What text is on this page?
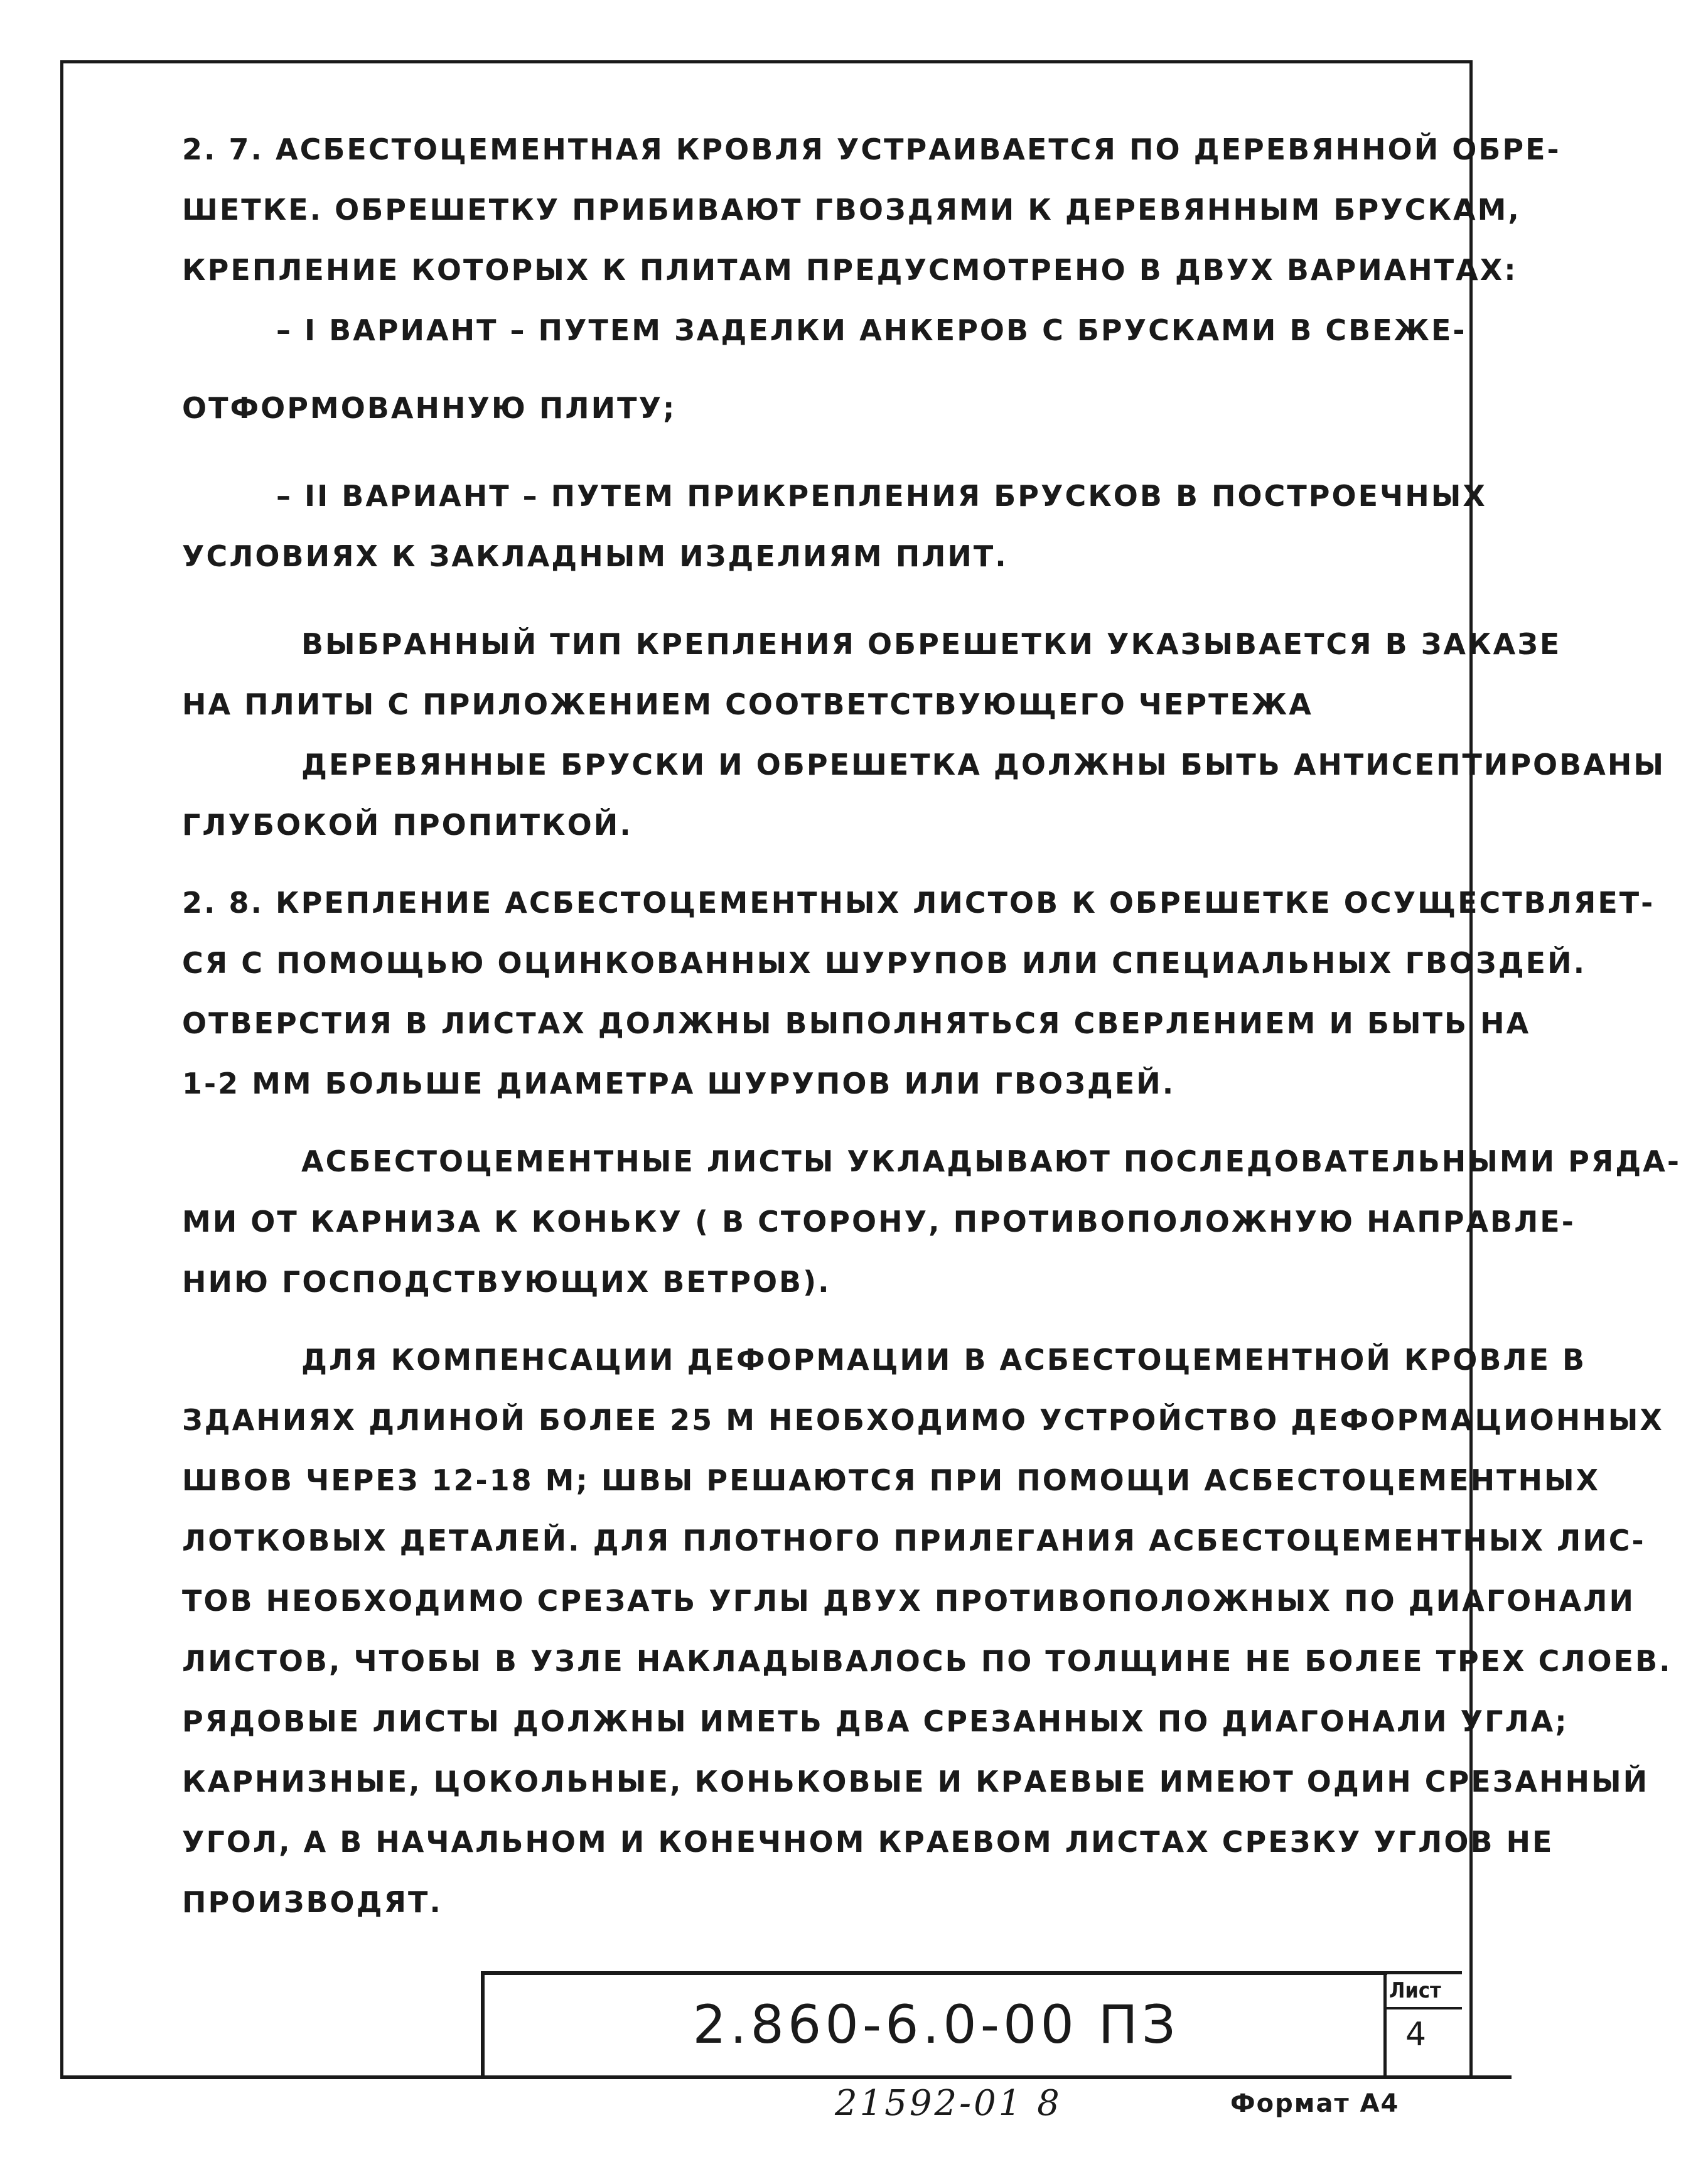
2. 7. АСБЕСТОЦЕМЕНТНАЯ КРОВЛЯ УСТРАИВАЕТСЯ ПО ДЕРЕВЯННОЙ ОБРЕ-
ШЕТКЕ. ОБРЕШЕТКУ ПРИБИВАЮТ ГВОЗДЯМИ К ДЕРЕВЯННЫМ БРУСКАМ,
КРЕПЛЕНИЕ КОТОРЫХ К ПЛИТАМ ПРЕДУСМОТРЕНО В ДВУХ ВАРИАНТАХ:
– I ВАРИАНТ – ПУТЕМ ЗАДЕЛКИ АНКЕРОВ С БРУСКАМИ В СВЕЖЕ-
ОТФОРМОВАННУЮ ПЛИТУ;
– II ВАРИАНТ – ПУТЕМ ПРИКРЕПЛЕНИЯ БРУСКОВ В ПОСТРОЕЧНЫХ
УСЛОВИЯХ К ЗАКЛАДНЫМ ИЗДЕЛИЯМ ПЛИТ.
ВЫБРАННЫЙ ТИП КРЕПЛЕНИЯ ОБРЕШЕТКИ УКАЗЫВАЕТСЯ В ЗАКАЗЕ
НА ПЛИТЫ С ПРИЛОЖЕНИЕМ СООТВЕТСТВУЮЩЕГО ЧЕРТЕЖА
ДЕРЕВЯННЫЕ БРУСКИ И ОБРЕШЕТКА ДОЛЖНЫ БЫТЬ АНТИСЕПТИРОВАНЫ
ГЛУБОКОЙ ПРОПИТКОЙ.
2. 8. КРЕПЛЕНИЕ АСБЕСТОЦЕМЕНТНЫХ ЛИСТОВ К ОБРЕШЕТКЕ ОСУЩЕСТВЛЯЕТ-
СЯ С ПОМОЩЬЮ ОЦИНКОВАННЫХ ШУРУПОВ ИЛИ СПЕЦИАЛЬНЫХ ГВОЗДЕЙ.
ОТВЕРСТИЯ В ЛИСТАХ ДОЛЖНЫ ВЫПОЛНЯТЬСЯ СВЕРЛЕНИЕМ И БЫТЬ НА
1-2 ММ БОЛЬШЕ ДИАМЕТРА ШУРУПОВ ИЛИ ГВОЗДЕЙ.
АСБЕСТОЦЕМЕНТНЫЕ ЛИСТЫ УКЛАДЫВАЮТ ПОСЛЕДОВАТЕЛЬНЫМИ РЯДA-
МИ ОТ КАРНИЗА К КОНЬКУ ( В СТОРОНУ, ПРОТИВОПОЛОЖНУЮ НАПРАВЛЕ-
НИЮ ГОСПОДСТВУЮЩИХ ВЕТРОВ).
ДЛЯ КОМПЕНСАЦИИ ДЕФОРМАЦИИ В АСБЕСТОЦЕМЕНТНОЙ КРОВЛЕ В
ЗДАНИЯХ ДЛИНОЙ БОЛЕЕ 25 М НЕОБХОДИМО УСТРОЙСТВО ДЕФОРМАЦИОННЫХ
ШВОВ ЧЕРЕЗ 12-18 М; ШВЫ РЕШАЮТСЯ ПРИ ПОМОЩИ АСБЕСТОЦЕМЕНТНЫХ
ЛОТКОВЫХ ДЕТАЛЕЙ. ДЛЯ ПЛОТНОГО ПРИЛЕГАНИЯ АСБЕСТОЦЕМЕНТНЫХ ЛИС-
ТОВ НЕОБХОДИМО СРЕЗАТЬ УГЛЫ ДВУХ ПРОТИВОПОЛОЖНЫХ ПО ДИАГОНАЛИ
ЛИСТОВ, ЧТОБЫ В УЗЛЕ НАКЛАДЫВАЛОСЬ ПО ТОЛЩИНЕ НЕ БОЛЕЕ ТРЕХ СЛОЕВ.
РЯДОВЫЕ ЛИСТЫ ДОЛЖНЫ ИМЕТЬ ДВА СРЕЗАННЫХ ПО ДИАГОНАЛИ УГЛА;
КАРНИЗНЫЕ, ЦОКОЛЬНЫЕ, КОНЬКОВЫЕ И КРАЕВЫЕ ИМЕЮТ ОДИН СРЕЗАННЫЙ
УГОЛ, А В НАЧАЛЬНОМ И КОНЕЧНОМ КРАЕВОМ ЛИСТАХ СРЕЗКУ УГЛОВ НЕ
ПРОИЗВОДЯТ.
2.860-6.0-00 ПЗ
Лист
4
21592-01 8	Формат А4
